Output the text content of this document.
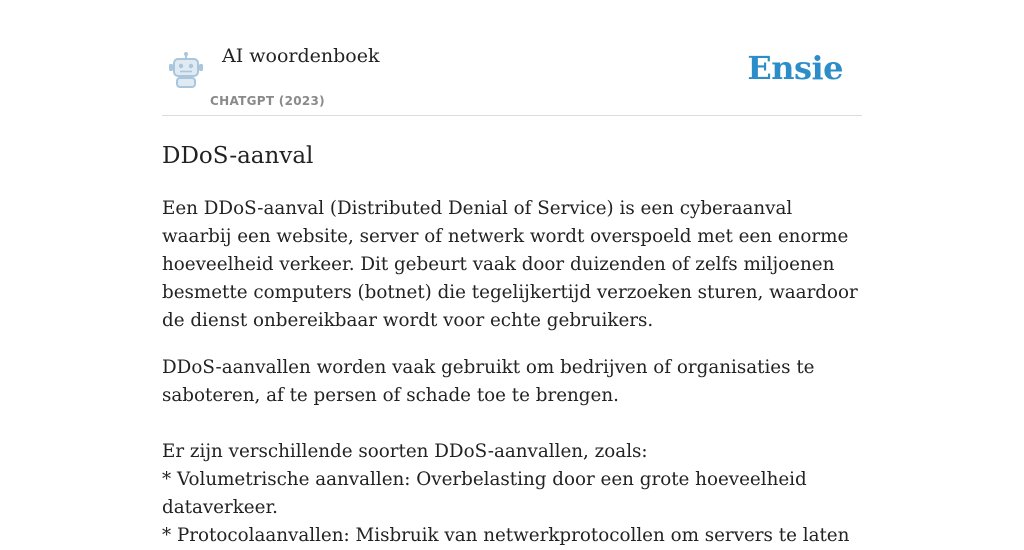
AI woordenboek
CHATGPT (2023)
Ensie
DDoS-aanval

Een DDoS-aanval (Distributed Denial of Service) is een cyberaanval waarbij een website, server of netwerk wordt overspoeld met een enorme hoeveelheid verkeer. Dit gebeurt vaak door duizenden of zelfs miljoenen besmette computers (botnet) die tegelijkertijd verzoeken sturen, waardoor de dienst onbereikbaar wordt voor echte gebruikers.

DDoS-aanvallen worden vaak gebruikt om bedrijven of organisaties te saboteren, af te persen of schade toe te brengen.

Er zijn verschillende soorten DDoS-aanvallen, zoals:
* Volumetrische aanvallen: Overbelasting door een grote hoeveelheid dataverkeer.
* Protocolaanvallen: Misbruik van netwerkprotocollen om servers te laten
